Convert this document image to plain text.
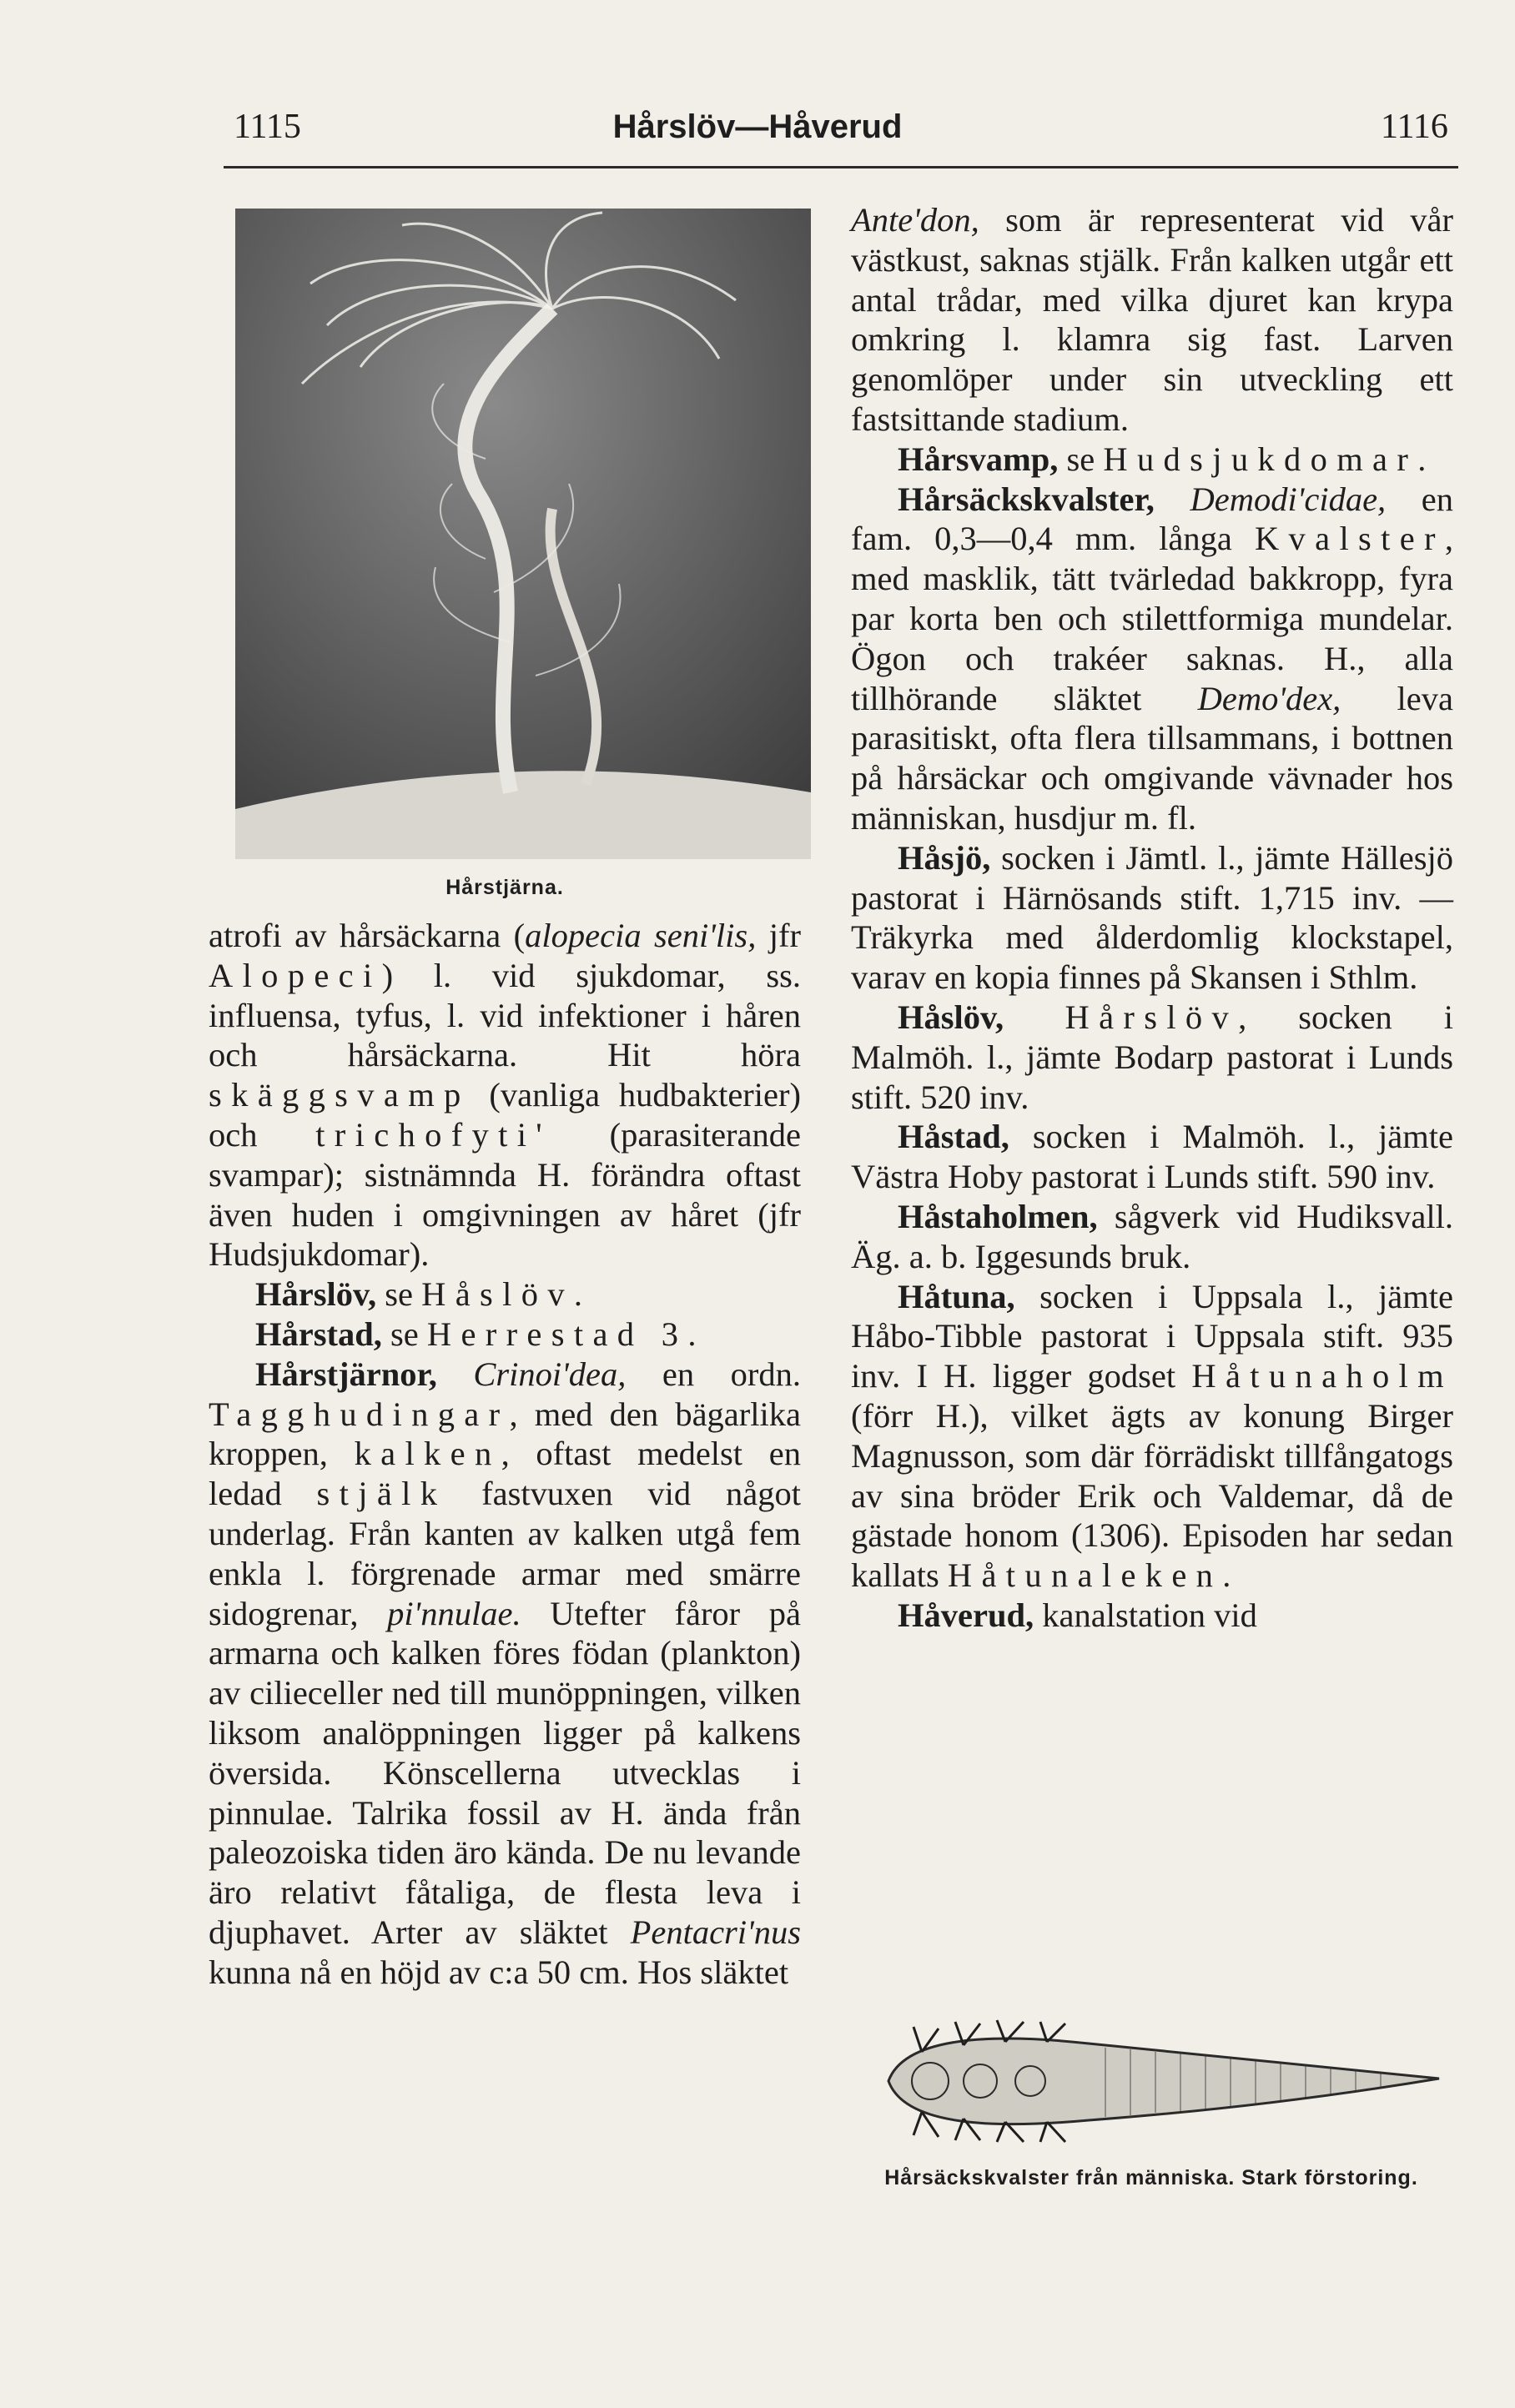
1115	Hårslöv—Håverud	1116
Hårstjärna.

atrofi av hårsäckarna (alopecia seni'lis, jfr Alopeci) l. vid sjukdomar, ss. influensa, tyfus, l. vid infektioner i håren och hårsäckarna. Hit höra skäggsvamp (vanliga hudbakterier) och trichofyti' (parasiterande svampar); sistnämnda H. förändra oftast även huden i omgivningen av håret (jfr Hudsjukdomar).

Hårslöv, se Håslöv.

Hårstad, se Herrestad 3.

Hårstjärnor, Crinoi'dea, en ordn. Tagghudingar, med den bägarlika kroppen, kalken, oftast medelst en ledad stjälk fastvuxen vid något underlag. Från kanten av kalken utgå fem enkla l. förgrenade armar med smärre sidogrenar, pi'nnulae. Utefter fåror på armarna och kalken föres födan (plankton) av cilieceller ned till munöppningen, vilken liksom analöppningen ligger på kalkens översida. Könscellerna utvecklas i pinnulae. Talrika fossil av H. ända från paleozoiska tiden äro kända. De nu levande äro relativt fåtaliga, de flesta leva i djuphavet. Arter av släktet Pentacri'nus kunna nå en höjd av c:a 50 cm. Hos släktet

Ante'don, som är representerat vid vår västkust, saknas stjälk. Från kalken utgår ett antal trådar, med vilka djuret kan krypa omkring l. klamra sig fast. Larven genomlöper under sin utveckling ett fastsittande stadium.

Hårsvamp, se Hudsjukdomar.

Hårsäckskvalster, Demodi'cidae, en fam. 0,3—0,4 mm. långa Kvalster, med masklik, tätt tvärledad bakkropp, fyra par korta ben och stilettformiga mundelar. Ögon och trakéer saknas. H., alla tillhörande släktet Demo'dex, leva parasitiskt, ofta flera tillsammans, i bottnen på hårsäckar och omgivande vävnader hos människan, husdjur m. fl.

Håsjö, socken i Jämtl. l., jämte Hällesjö pastorat i Härnösands stift. 1,715 inv. — Träkyrka med ålderdomlig klockstapel, varav en kopia finnes på Skansen i Sthlm.

Håslöv, Hårslöv, socken i Malmöh. l., jämte Bodarp pastorat i Lunds stift. 520 inv.

Håstad, socken i Malmöh. l., jämte Västra Hoby pastorat i Lunds stift. 590 inv.

Håstaholmen, sågverk vid Hudiksvall. Äg. a. b. Iggesunds bruk.

Håtuna, socken i Uppsala l., jämte Håbo-Tibble pastorat i Uppsala stift. 935 inv. I H. ligger godset Håtunaholm (förr H.), vilket ägts av konung Birger Magnusson, som där förrädiskt tillfångatogs av sina bröder Erik och Valdemar, då de gästade honom (1306). Episoden har sedan kallats Håtunaleken.

Håverud, kanalstation vid

Hårsäckskvalster från människa. Stark förstoring.
